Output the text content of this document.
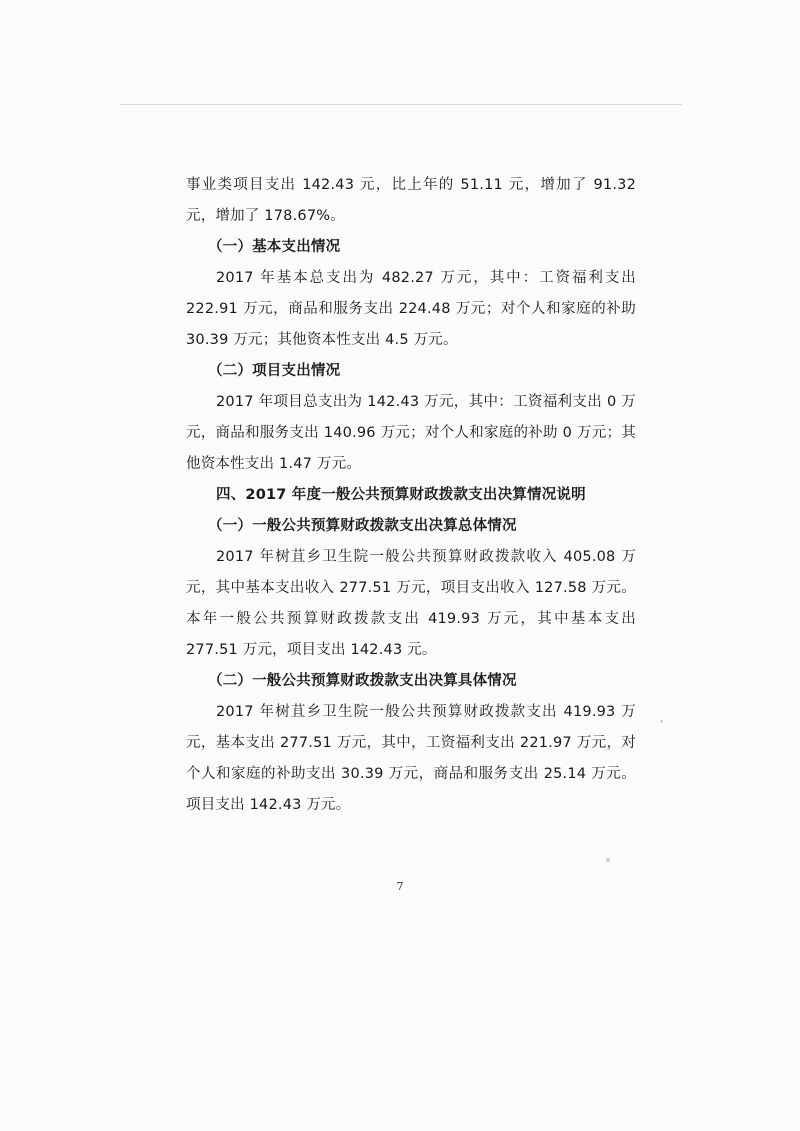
事业类项目支出 142.43 元，比上年的 51.11 元，增加了 91.32 元，增加了 178.67%。

（一）基本支出情况

2017 年基本总支出为 482.27 万元，其中：工资福利支出 222.91 万元，商品和服务支出 224.48 万元；对个人和家庭的补助 30.39 万元；其他资本性支出 4.5 万元。

（二）项目支出情况

2017 年项目总支出为 142.43 万元，其中：工资福利支出 0 万元，商品和服务支出 140.96 万元；对个人和家庭的补助 0 万元；其他资本性支出 1.47 万元。

四、2017 年度一般公共预算财政拨款支出决算情况说明

（一）一般公共预算财政拨款支出决算总体情况

2017 年树苴乡卫生院一般公共预算财政拨款收入 405.08 万元，其中基本支出收入 277.51 万元，项目支出收入 127.58 万元。本年一般公共预算财政拨款支出 419.93 万元，其中基本支出 277.51 万元，项目支出 142.43 元。

（二）一般公共预算财政拨款支出决算具体情况

2017 年树苴乡卫生院一般公共预算财政拨款支出 419.93 万元，基本支出 277.51 万元，其中，工资福利支出 221.97 万元，对个人和家庭的补助支出 30.39 万元，商品和服务支出 25.14 万元。项目支出 142.43 万元。

7
